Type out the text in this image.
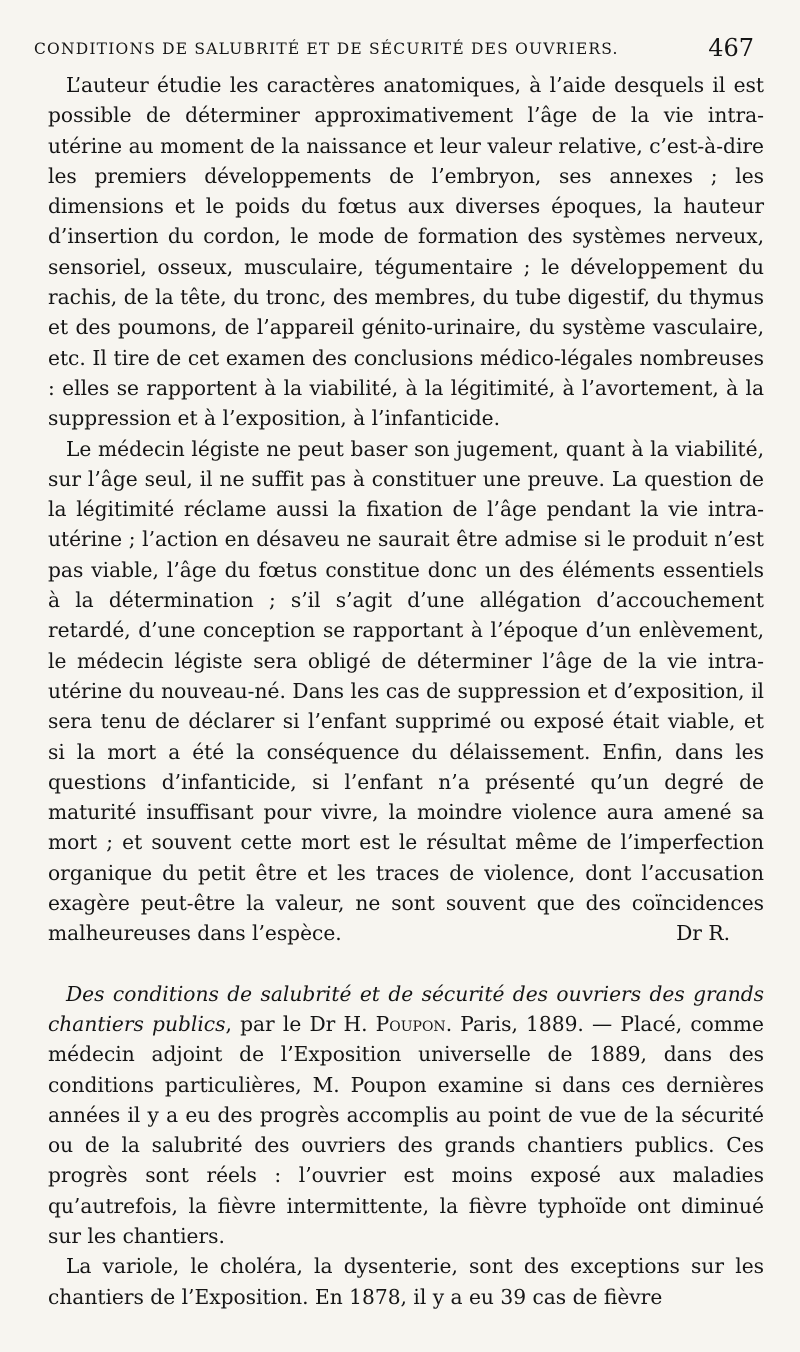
CONDITIONS DE SALUBRITÉ ET DE SÉCURITÉ DES OUVRIERS.	467

L’auteur étudie les caractères anatomiques, à l’aide desquels il est possible de déterminer approximativement l’âge de la vie intra-utérine au moment de la naissance et leur valeur relative, c’est-à-dire les premiers développements de l’embryon, ses annexes ; les dimensions et le poids du fœtus aux diverses époques, la hauteur d’insertion du cordon, le mode de formation des systèmes nerveux, sensoriel, osseux, musculaire, tégumentaire ; le développement du rachis, de la tête, du tronc, des membres, du tube digestif, du thymus et des poumons, de l’appareil génito-urinaire, du système vasculaire, etc. Il tire de cet examen des conclusions médico-légales nombreuses : elles se rapportent à la viabilité, à la légitimité, à l’avortement, à la suppression et à l’exposition, à l’infanticide.

Le médecin légiste ne peut baser son jugement, quant à la viabilité, sur l’âge seul, il ne suffit pas à constituer une preuve. La question de la légitimité réclame aussi la fixation de l’âge pendant la vie intra-utérine ; l’action en désaveu ne saurait être admise si le produit n’est pas viable, l’âge du fœtus constitue donc un des éléments essentiels à la détermination ; s’il s’agit d’une allégation d’accouchement retardé, d’une conception se rapportant à l’époque d’un enlèvement, le médecin légiste sera obligé de déterminer l’âge de la vie intra-utérine du nouveau-né. Dans les cas de suppression et d’exposition, il sera tenu de déclarer si l’enfant supprimé ou exposé était viable, et si la mort a été la conséquence du délaissement. Enfin, dans les questions d’infanticide, si l’enfant n’a présenté qu’un degré de maturité insuffisant pour vivre, la moindre violence aura amené sa mort ; et souvent cette mort est le résultat même de l’imperfection organique du petit être et les traces de violence, dont l’accusation exagère peut-être la valeur, ne sont souvent que des coïncidences malheureuses dans l’espèce.	Dr R.

Des conditions de salubrité et de sécurité des ouvriers des grands chantiers publics, par le Dr H. Poupon. Paris, 1889. — Placé, comme médecin adjoint de l’Exposition universelle de 1889, dans des conditions particulières, M. Poupon examine si dans ces dernières années il y a eu des progrès accomplis au point de vue de la sécurité ou de la salubrité des ouvriers des grands chantiers publics. Ces progrès sont réels : l’ouvrier est moins exposé aux maladies qu’autrefois, la fièvre intermittente, la fièvre typhoïde ont diminué sur les chantiers.

La variole, le choléra, la dysenterie, sont des exceptions sur les chantiers de l’Exposition. En 1878, il y a eu 39 cas de fièvre
